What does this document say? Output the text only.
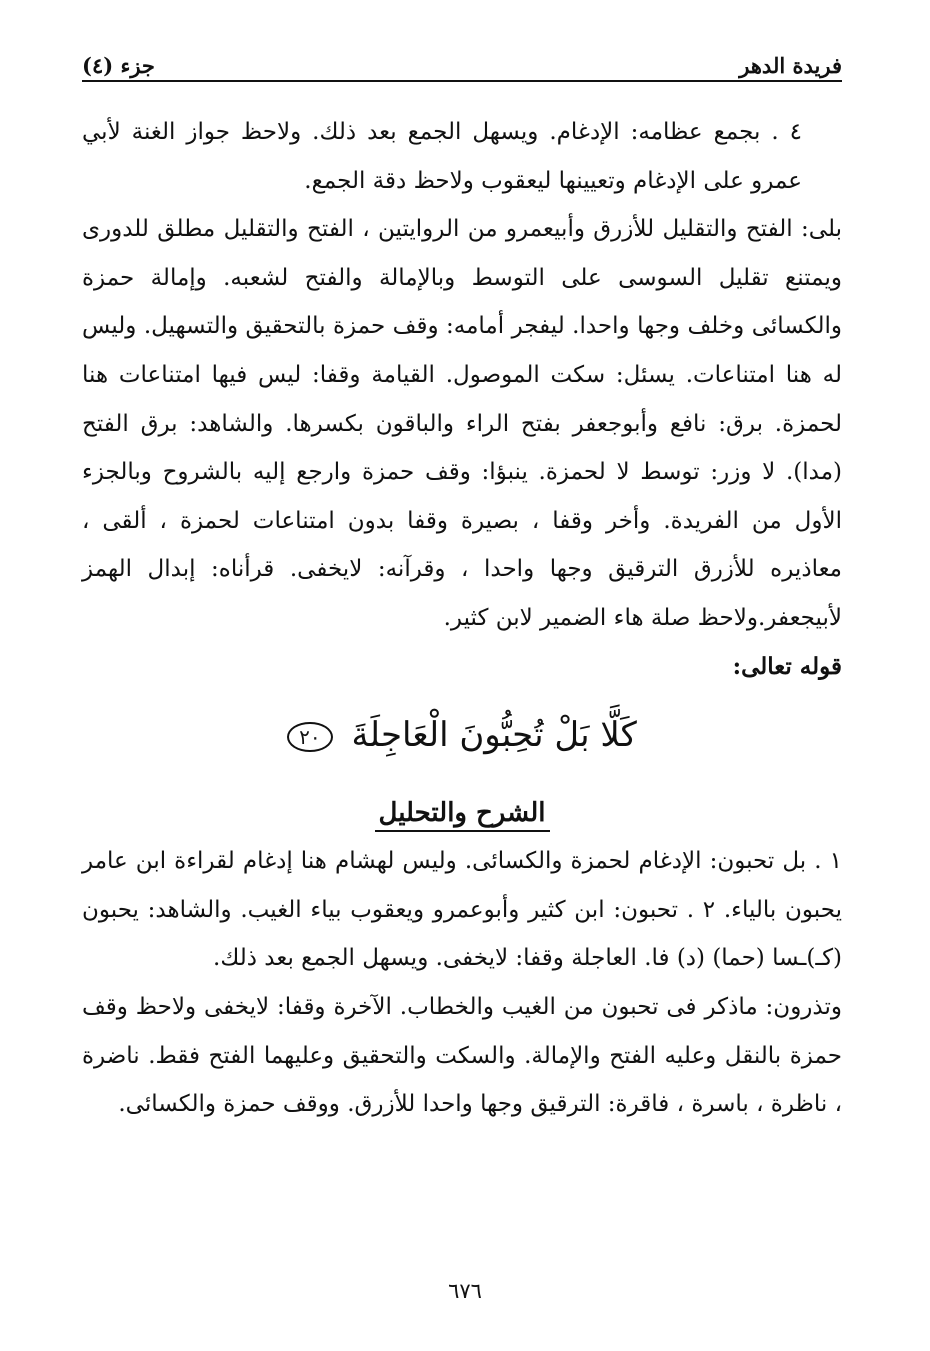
فريدة الدهر
جزء (٤)

٤ . بجمع عظامه: الإدغام. ويسهل الجمع بعد ذلك. ولاحظ جواز الغنة لأبي عمرو على الإدغام وتعيينها ليعقوب ولاحظ دقة الجمع.

بلى: الفتح والتقليل للأزرق وأبيعمرو من الروايتين ، الفتح والتقليل مطلق للدورى ويمتنع تقليل السوسى على التوسط وبالإمالة والفتح لشعبه. وإمالة حمزة والكسائى وخلف وجها واحدا. ليفجر أمامه: وقف حمزة بالتحقيق والتسهيل. وليس له هنا امتناعات. يسئل: سكت الموصول. القيامة وقفا: ليس فيها امتناعات هنا لحمزة. برق: نافع وأبوجعفر بفتح الراء والباقون بكسرها. والشاهد: برق الفتح (مدا). لا وزر: توسط لا لحمزة. ينبؤا: وقف حمزة وارجع إليه بالشروح وبالجزء الأول من الفريدة. وأخر وقفا ، بصيرة وقفا بدون امتناعات لحمزة ، ألقى ، معاذيره للأزرق الترقيق وجها واحدا ، وقرآنه: لايخفى. قرأناه: إبدال الهمز لأبيجعفر.ولاحظ صلة هاء الضمير لابن كثير.

قوله تعالى:

كَلَّا بَلْ تُحِبُّونَ الْعَاجِلَةَ ٢٠
الشرح والتحليل

١ . بل تحبون: الإدغام لحمزة والكسائى. وليس لهشام هنا إدغام لقراءة ابن عامر يحبون بالياء. ٢ . تحبون: ابن كثير وأبوعمرو ويعقوب بياء الغيب. والشاهد: يحبون (كـ)ـسا (حما) (د) فا. العاجلة وقفا: لايخفى. ويسهل الجمع بعد ذلك.

وتذرون: ماذكر فى تحبون من الغيب والخطاب. الآخرة وقفا: لايخفى ولاحظ وقف حمزة بالنقل وعليه الفتح والإمالة. والسكت والتحقيق وعليهما الفتح فقط. ناضرة ، ناظرة ، باسرة ، فاقرة: الترقيق وجها واحدا للأزرق. ووقف حمزة والكسائى.

٦٧٦
